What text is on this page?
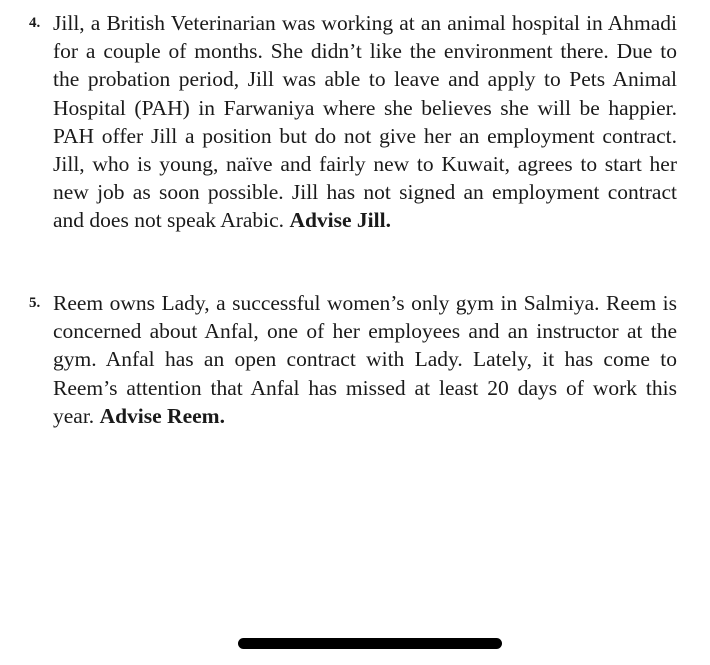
4. Jill, a British Veterinarian was working at an animal hospital in Ahmadi for a couple of months. She didn’t like the environment there. Due to the probation period, Jill was able to leave and apply to Pets Animal Hospital (PAH) in Farwaniya where she believes she will be happier. PAH offer Jill a position but do not give her an employment contract. Jill, who is young, naïve and fairly new to Kuwait, agrees to start her new job as soon possible. Jill has not signed an employment contract and does not speak Arabic. Advise Jill.
5. Reem owns Lady, a successful women’s only gym in Salmiya. Reem is concerned about Anfal, one of her employees and an instructor at the gym. Anfal has an open contract with Lady. Lately, it has come to Reem’s attention that Anfal has missed at least 20 days of work this year. Advise Reem.
